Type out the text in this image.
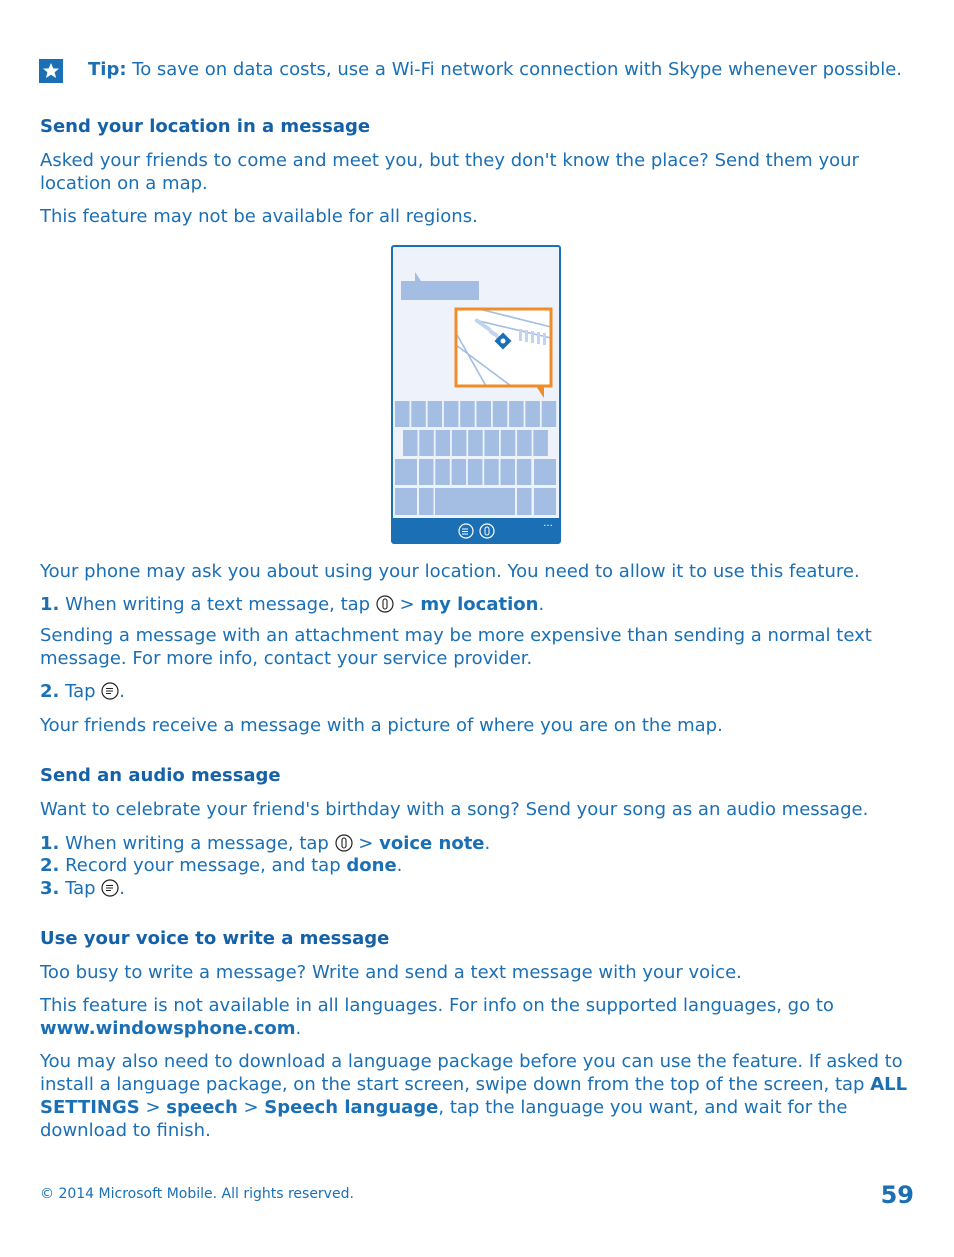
Tip: To save on data costs, use a Wi-Fi network connection with Skype whenever possible.

Send your location in a message

Asked your friends to come and meet you, but they don't know the place? Send them your location on a map.

This feature may not be available for all regions.

...

Your phone may ask you about using your location. You need to allow it to use this feature.

1. When writing a text message, tap  > my location.

Sending a message with an attachment may be more expensive than sending a normal text message. For more info, contact your service provider.

2. Tap .

Your friends receive a message with a picture of where you are on the map.

Send an audio message

Want to celebrate your friend's birthday with a song? Send your song as an audio message.

1. When writing a message, tap  > voice note.

2. Record your message, and tap done.

3. Tap .

Use your voice to write a message

Too busy to write a message? Write and send a text message with your voice.

This feature is not available in all languages. For info on the supported languages, go to www.windowsphone.com.

You may also need to download a language package before you can use the feature. If asked to install a language package, on the start screen, swipe down from the top of the screen, tap ALL SETTINGS > speech > Speech language, tap the language you want, and wait for the download to finish.

© 2014 Microsoft Mobile. All rights reserved.	59
